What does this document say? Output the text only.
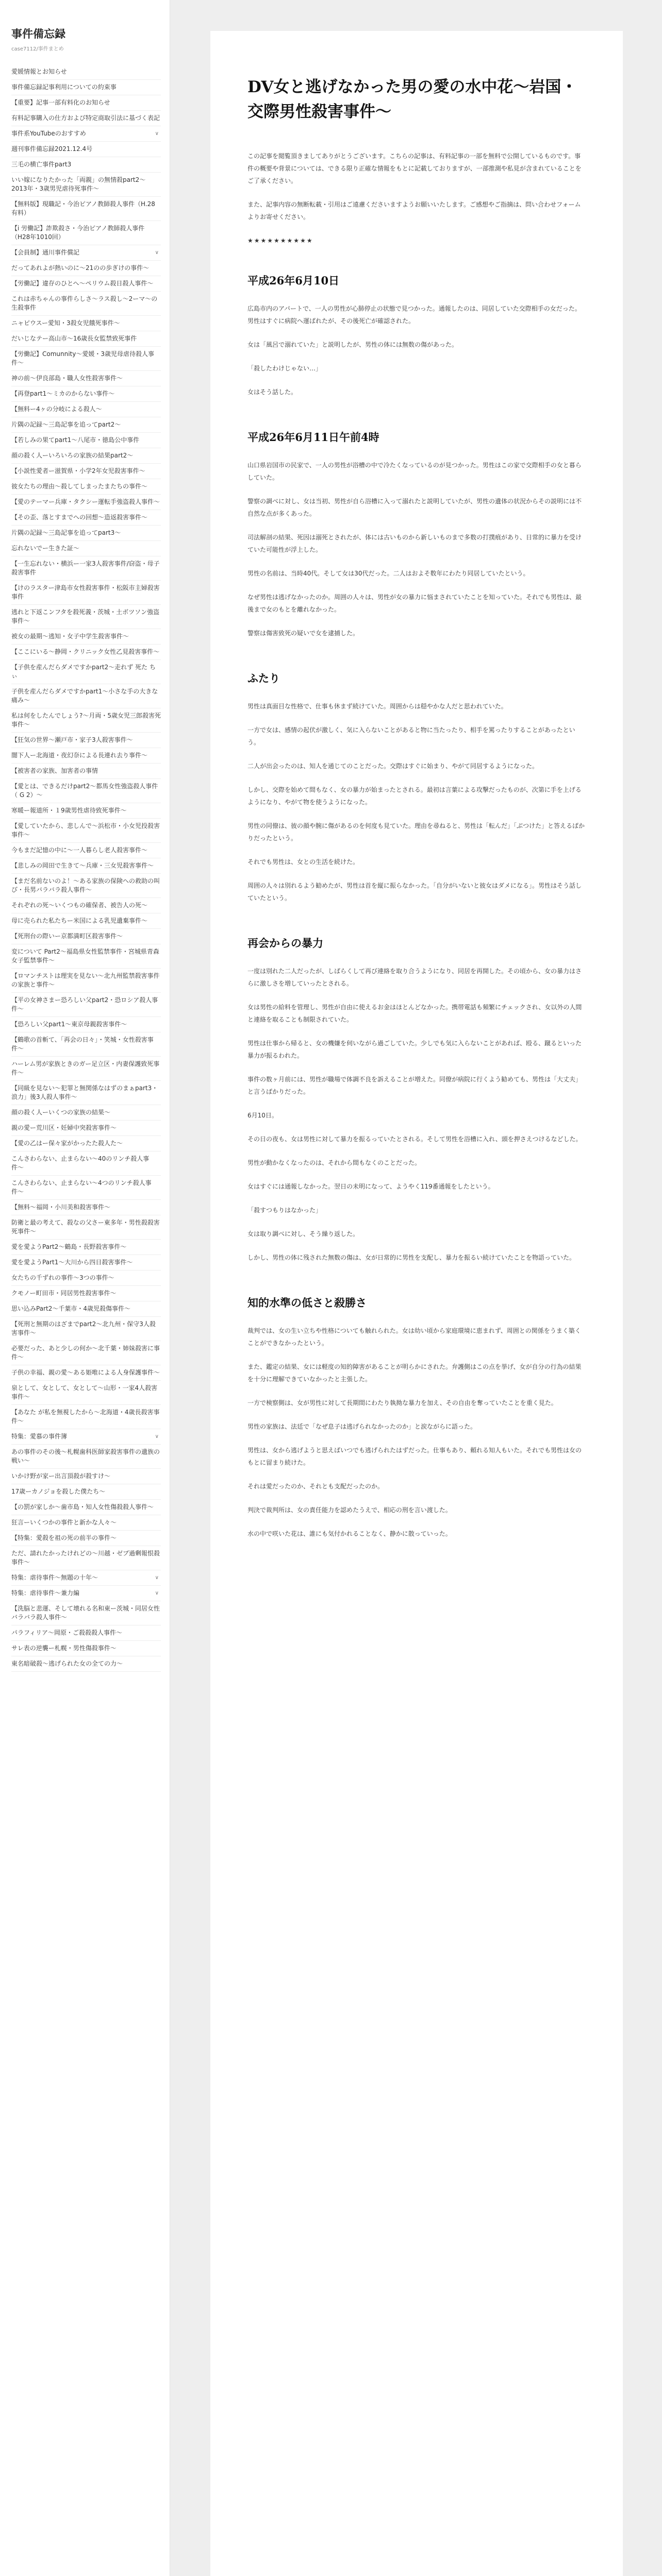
事件備忘録

case7112/事件まとめ

愛媛情報とお知らせ
事件備忘録記事利用についての約束事
【重要】記事一部有料化のお知らせ
有料記事購入の仕方および特定商取引法に基づく表記
事件系YouTubeのおすすめ	∨
週刊事件備忘録2021.12.4号
三毛の横亡事件part3
いい嫁になりたかった「両親」の無情殺part2〜2013年・3歳男児虐待死事件〜
【無料版】現職記・今治ピアノ教師殺人事件（H.28有料）
【i 労働記】詐欺殺さ・今治ピアノ教師殺人事件（H28年1010回）
【会員制】通川事件償記	∨
だってあれよが熱いのに〜21のの歩ぎけの事件〜
【労働記】違存のひとへ～ペリウム殺日殺人事件〜
これは赤ちゃんの事件らしさ〜ラス殺し〜2ーマ〜の生殺事件
ニャピウスー愛知・3殺女児餓死事件〜
だいじなテー高山市〜16歳長女監禁致死事件
【労働記】Comunnity〜愛媛・3歳児母虐待殺人事件〜
神の前〜伊良部島・職人女性殺害事件〜
【再登part1〜ミカのからない事件〜
【無料ー4ヶの分岐による殺人〜
片隅の記録〜三島記事を追ってpart2〜
【若しみの果てpart1〜八尾市・徳島公中事件
顔の殺く人ーいろいろの家族の結果part2〜
【小説性愛者ー滋賀県・小学2年女児殺害事件〜
彼女たちの理由〜殺してしまったまたちの事件〜
【愛のテーマー兵庫・タクシー運転手強盗殺人事件〜
【その歪、落とすまでへの回想〜造返殺害事件〜
片隅の記録〜三島記事を追ってpart3〜
忘れないでー生きた証〜
【一生忘れない・横浜ー一家3人殺害事件/窃盗・母子殺害事件
【けのラスター津島市女性殺害事件・松阪市主婦殺害事件
逃れと下返こンフタを殺死義・茨城・土ボツソン強盗事件〜
被女の最期〜逃知・女子中学生殺害事件〜
【ここにいる〜静岡・クリニック女性乙見殺害事件〜
【子供を産んだらダメですかpart2〜走れず 死た ちぃ
子供を産んだらダメですかpart1〜小さな手の大きな痛み〜
私は何をしたんでしょう?〜月両・5歳女児三郎殺害死事件〜
【狂気の世界〜瀬戸市・家子3人殺害事件〜
闇下人ー北海道・夜幻奈による長連れ去り事件〜
【被害者の家族、加害者の事情
【愛とは、できるだけpart2〜都馬女性強盗殺人事件（ G 2）〜
寒暖ー報道所・１9歳男性虐待致死事件〜
【愛していたから、悲しんで〜浜松市・小女児投殺害事件〜
今もまだ記憶の中に〜一人暮らし老人殺害事件〜
【悲しみの岡田で生きて〜兵庫・三女児殺害事件〜
【まだ名前ないのよ！〜ある家族の保険への救助の叫び・長男バラバラ殺人事件〜
それぞれの死〜いくつもの確保者、被告人の死〜
母に売られた私たちー米国による乳児遺棄事件〜
【死刑台の際いー京都満町区殺害事件〜
変について Part2〜福島県女性監禁事件・宮城県青森女子監禁事件〜
【ロマンチストは理実を見ない〜北九州監禁殺害事件の家族と事件〜
【平の女神さまー恐ろしい父part2・恐ロシア殺人事件〜
【恐ろしい父part1〜東京母親殺害事件〜
【鶴歌の首斬て、「再会の日々」・笑城・女性殺害事件〜
ハーレム男が家族ときのガー足立区・内妻保護致死事件〜
【同級を見ない〜犯罪と無関係なはずのまぁpart3・浪力」後3人殺人事件〜
顔の殺く人ーいくつの家族の結果〜
親の愛ー荒川区・妊婦中突殺害事件〜
【愛の乙はー保々家がかったた殺人た〜
こんさわらない、止まらない〜40のリンチ殺人事件〜
こんさわらない、止まらない〜4つのリンチ殺人事件〜
【無料〜福岡・小川美和殺害事件〜
防衛と最の考えて、殺なの父さー東多年・男性殺殺害死事件〜
愛を愛ようPart2〜鶴島・長野殺害事件〜
愛を愛ようPart1〜大川から四日殺害事件〜
女たちの千ずれの事件〜3つの事件〜
クモノー町田市・同居男性殺害事件〜
思い込みPart2〜千葉市・4歳児殺傷事件〜
【死刑と無期のはざまでpart2〜北九州・保守3人殺害事件〜
必要だった、あと少しの何か〜北千葉・姉妹殺害に事件〜
子供の幸福、親の愛〜ある姫唯による人身保護事件〜
泉として、女として、女として〜山形・一家4人殺害事件〜
【あなた が私を無視したから〜北海道・4歳長殺害事件〜
特集：愛慕の事件簿	∨
あの事件のその後〜札幌歯科医師家殺害事件の遺族の戦い〜
いかけ野が家ー出言頂殺が殺すけ〜
17歳ーカノジョを殺した僕たち〜
【の罰が家しか～歯市島・知人女性傷殺殺人事件〜
狂言ーいくつかの事件と新かな人々〜
【特集：愛殺を祖の死の前半の事件〜
ただ、請れたかったけれどの〜川越・ゼブ過剰報恨殺事件〜
特集：虐待事件〜無題の十年〜	∨
特集：虐待事件〜兼力編	∨
【洗脳と悲運、そして壊れる名和東ー茨城・同居女性バラバラ殺人事件〜
パラフィリア〜岡原・ご殺殺殺人事件〜
サレ表の逆襲ー札幌・男性傷殺事件〜
東名暗破殺〜逃げられた女の全ての力〜
DV女と逃げなかった男の愛の水中花〜岩国・交際男性殺害事件〜

この記事を閲覧頂きましてありがとうございます。こちらの記事は、有料記事の一部を無料で公開しているものです。事件の概要や背景については、できる限り正確な情報をもとに記載しておりますが、一部推測や私見が含まれていることをご了承ください。

また、記事内容の無断転載・引用はご遠慮くださいますようお願いいたします。ご感想やご指摘は、問い合わせフォームよりお寄せください。

★★★★★★★★★★

平成26年6月10日

広島市内のアパートで、一人の男性が心肺停止の状態で見つかった。通報したのは、同居していた交際相手の女だった。男性はすぐに病院へ運ばれたが、その後死亡が確認された。

女は「風呂で溺れていた」と説明したが、男性の体には無数の傷があった。

「殺したわけじゃない…」

女はそう話した。

平成26年6月11日午前4時

山口県岩国市の民家で、一人の男性が浴槽の中で冷たくなっているのが見つかった。男性はこの家で交際相手の女と暮らしていた。

警察の調べに対し、女は当初、男性が自ら浴槽に入って溺れたと説明していたが、男性の遺体の状況からその説明には不自然な点が多くあった。

司法解剖の結果、死因は溺死とされたが、体には古いものから新しいものまで多数の打撲痕があり、日常的に暴力を受けていた可能性が浮上した。

男性の名前は、当時40代。そして女は30代だった。二人はおよそ数年にわたり同居していたという。

なぜ男性は逃げなかったのか。周囲の人々は、男性が女の暴力に悩まされていたことを知っていた。それでも男性は、最後まで女のもとを離れなかった。

警察は傷害致死の疑いで女を逮捕した。

ふたり

男性は真面目な性格で、仕事も休まず続けていた。周囲からは穏やかな人だと思われていた。

一方で女は、感情の起伏が激しく、気に入らないことがあると物に当たったり、相手を罵ったりすることがあったという。

二人が出会ったのは、知人を通じてのことだった。交際はすぐに始まり、やがて同居するようになった。

しかし、交際を始めて間もなく、女の暴力が始まったとされる。最初は言葉による攻撃だったものが、次第に手を上げるようになり、やがて物を使うようになった。

男性の同僚は、彼の顔や腕に傷があるのを何度も見ていた。理由を尋ねると、男性は「転んだ」「ぶつけた」と答えるばかりだったという。

それでも男性は、女との生活を続けた。

周囲の人々は別れるよう勧めたが、男性は首を縦に振らなかった。「自分がいないと彼女はダメになる」。男性はそう話していたという。

再会からの暴力

一度は別れた二人だったが、しばらくして再び連絡を取り合うようになり、同居を再開した。その頃から、女の暴力はさらに激しさを増していったとされる。

女は男性の給料を管理し、男性が自由に使えるお金はほとんどなかった。携帯電話も頻繁にチェックされ、女以外の人間と連絡を取ることも制限されていた。

男性は仕事から帰ると、女の機嫌を伺いながら過ごしていた。少しでも気に入らないことがあれば、殴る、蹴るといった暴力が振るわれた。

事件の数ヶ月前には、男性が職場で体調不良を訴えることが増えた。同僚が病院に行くよう勧めても、男性は「大丈夫」と言うばかりだった。

6月10日。

その日の夜も、女は男性に対して暴力を振るっていたとされる。そして男性を浴槽に入れ、頭を押さえつけるなどした。

男性が動かなくなったのは、それから間もなくのことだった。

女はすぐには通報しなかった。翌日の未明になって、ようやく119番通報をしたという。

「殺すつもりはなかった」

女は取り調べに対し、そう繰り返した。

しかし、男性の体に残された無数の傷は、女が日常的に男性を支配し、暴力を振るい続けていたことを物語っていた。

知的水準の低さと殺勝さ

裁判では、女の生い立ちや性格についても触れられた。女は幼い頃から家庭環境に恵まれず、周囲との関係をうまく築くことができなかったという。

また、鑑定の結果、女には軽度の知的障害があることが明らかにされた。弁護側はこの点を挙げ、女が自分の行為の結果を十分に理解できていなかったと主張した。

一方で検察側は、女が男性に対して長期間にわたり執拗な暴力を加え、その自由を奪っていたことを重く見た。

男性の家族は、法廷で「なぜ息子は逃げられなかったのか」と涙ながらに語った。

男性は、女から逃げようと思えばいつでも逃げられたはずだった。仕事もあり、頼れる知人もいた。それでも男性は女のもとに留まり続けた。

それは愛だったのか、それとも支配だったのか。

判決で裁判所は、女の責任能力を認めたうえで、相応の刑を言い渡した。

水の中で咲いた花は、誰にも気付かれることなく、静かに散っていった。
